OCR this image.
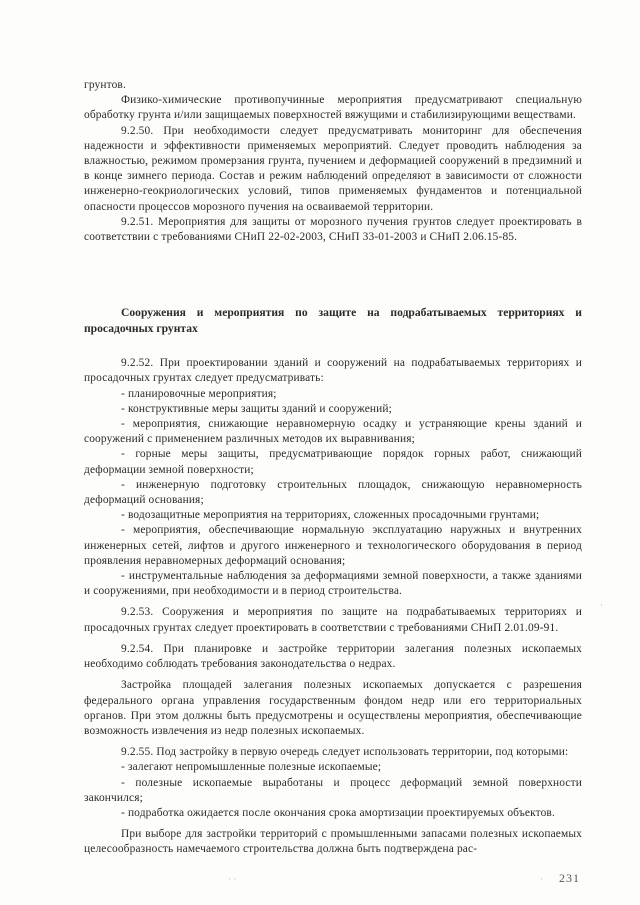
грунтов.

Физико-химические противопучинные мероприятия предусматривают специальную обработку грунта и/или защищаемых поверхностей вяжущими и стабилизирующими веществами.

9.2.50. При необходимости следует предусматривать мониторинг для обеспечения надежности и эффективности применяемых мероприятий. Следует проводить наблюдения за влажностью, режимом промерзания грунта, пучением и деформацией сооружений в предзимний и в конце зимнего периода. Состав и режим наблюдений определяют в зависимости от сложности инженерно-геокриологических условий, типов применяемых фундаментов и потенциальной опасности процессов морозного пучения на осваиваемой территории.

9.2.51. Мероприятия для защиты от морозного пучения грунтов следует проектировать в соответствии с требованиями СНиП 22-02-2003, СНиП 33-01-2003 и СНиП 2.06.15-85.

Сооружения и мероприятия по защите на подрабатываемых территориях и просадочных грунтах

9.2.52. При проектировании зданий и сооружений на подрабатываемых территориях и просадочных грунтах следует предусматривать:

- планировочные мероприятия;

- конструктивные меры защиты зданий и сооружений;

- мероприятия, снижающие неравномерную осадку и устраняющие крены зданий и сооружений с применением различных методов их выравнивания;

- горные меры защиты, предусматривающие порядок горных работ, снижающий деформации земной поверхности;

- инженерную подготовку строительных площадок, снижающую неравномерность деформаций основания;

- водозащитные мероприятия на территориях, сложенных просадочными грунтами;

- мероприятия, обеспечивающие нормальную эксплуатацию наружных и внутренних инженерных сетей, лифтов и другого инженерного и технологического оборудования в период проявления неравномерных деформаций основания;

- инструментальные наблюдения за деформациями земной поверхности, а также зданиями и сооружениями, при необходимости и в период строительства.

9.2.53. Сооружения и мероприятия по защите на подрабатываемых территориях и просадочных грунтах следует проектировать в соответствии с требованиями СНиП 2.01.09-91.

9.2.54. При планировке и застройке территории залегания полезных ископаемых необходимо соблюдать требования законодательства о недрах.

Застройка площадей залегания полезных ископаемых допускается с разрешения федерального органа управления государственным фондом недр или его территориальных органов. При этом должны быть предусмотрены и осуществлены мероприятия, обеспечивающие возможность извлечения из недр полезных ископаемых.

9.2.55. Под застройку в первую очередь следует использовать территории, под которыми:

- залегают непромышленные полезные ископаемые;

- полезные ископаемые выработаны и процесс деформаций земной поверхности закончился;

- подработка ожидается после окончания срока амортизации проектируемых объектов.

При выборе для застройки территорий с промышленными запасами полезных ископаемых целесообразность намечаемого строительства должна быть подтверждена рас-

·
· ·	· 231
